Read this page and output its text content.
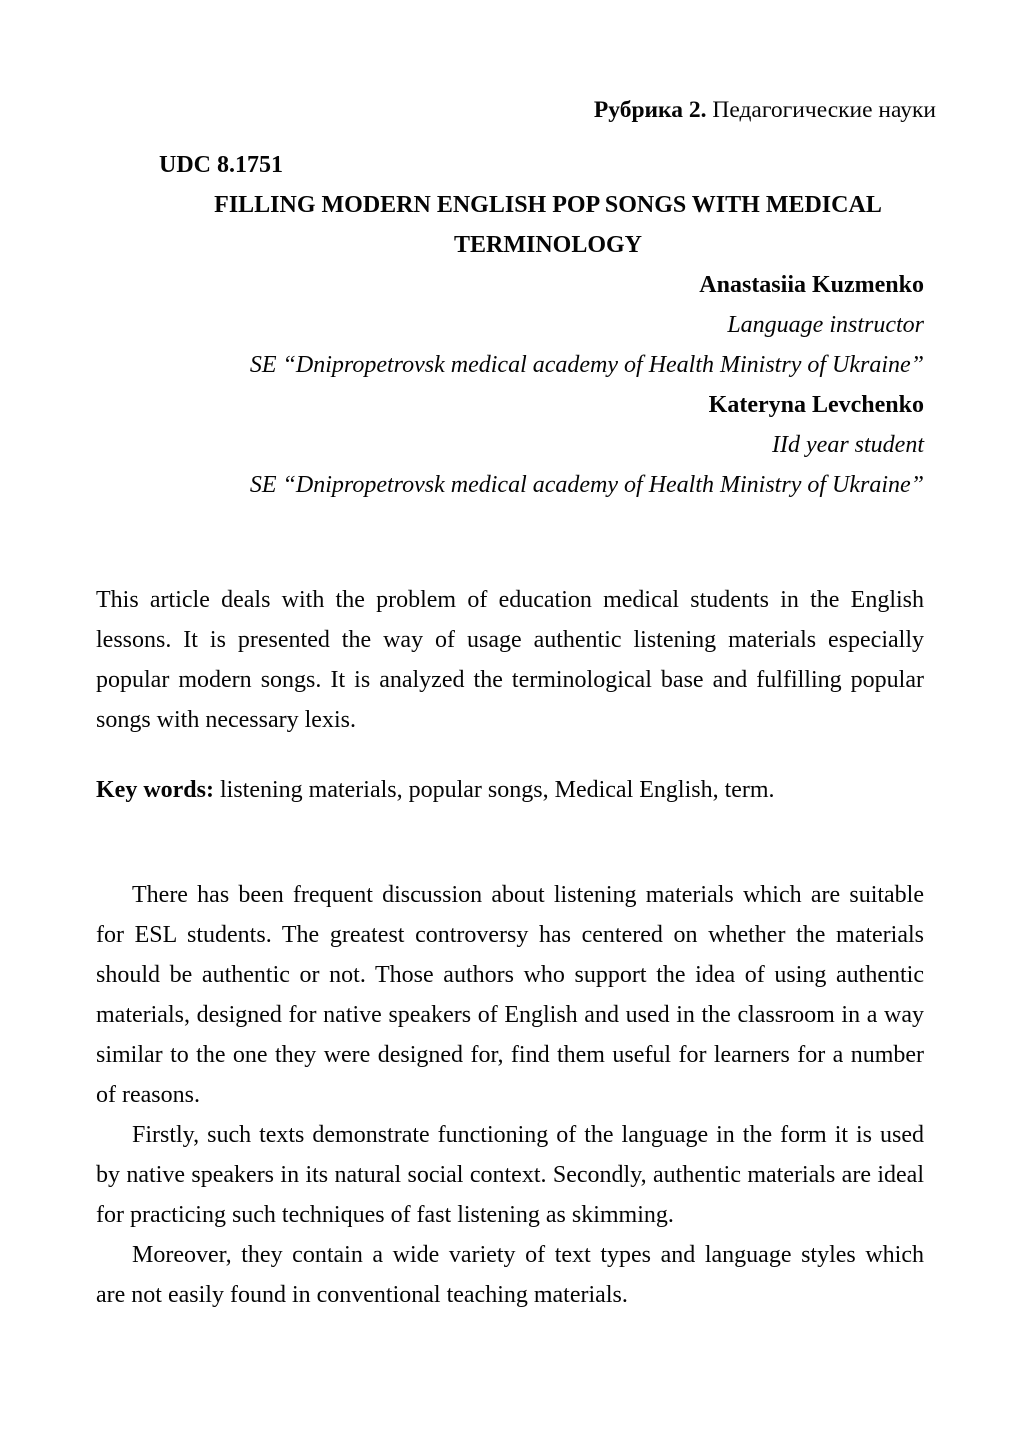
Рубрика 2. Педагогические науки
UDC 8.1751
FILLING MODERN ENGLISH POP SONGS WITH MEDICAL
TERMINOLOGY
Anastasiia Kuzmenko
Language instructor
SE “Dnipropetrovsk medical academy of Health Ministry of Ukraine”
Kateryna Levchenko
IId year student
SE “Dnipropetrovsk medical academy of Health Ministry of Ukraine”
This article deals with the problem of education medical students in the English
lessons. It is presented the way of usage authentic listening materials especially
popular modern songs. It is analyzed the terminological base and fulfilling popular
songs with necessary lexis.
Key words: listening materials, popular songs, Medical English, term.
There has been frequent discussion about listening materials which are suitable
for ESL students. The greatest controversy has centered on whether the materials
should be authentic or not. Those authors who support the idea of using authentic
materials, designed for native speakers of English and used in the classroom in a way
similar to the one they were designed for, find them useful for learners for a number
of reasons.
Firstly, such texts demonstrate functioning of the language in the form it is used
by native speakers in its natural social context. Secondly, authentic materials are ideal
for practicing such techniques of fast listening as skimming.
Moreover, they contain a wide variety of text types and language styles which
are not easily found in conventional teaching materials.
